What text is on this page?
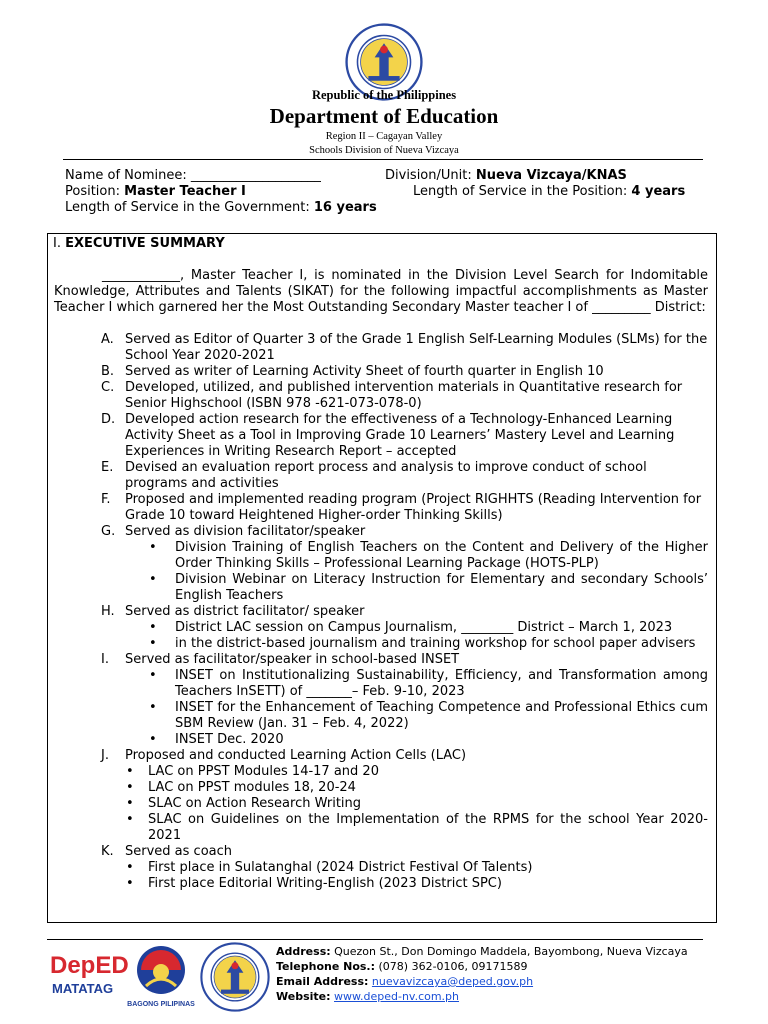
Republic of the Philippines
Department of Education
Region II – Cagayan Valley
Schools Division of Nueva Vizcaya
Name of Nominee: ____________________	Division/Unit: Nueva Vizcaya/KNAS
Position: Master Teacher I	Length of Service in the Position: 4 years
Length of Service in the Government: 16 years
I. EXECUTIVE SUMMARY

____________, Master Teacher I, is nominated in the Division Level Search for Indomitable Knowledge, Attributes and Talents (SIKAT) for the following impactful accomplishments as Master Teacher I which garnered her the Most Outstanding Secondary Master teacher I of _________ District:

A. Served as Editor of Quarter 3 of the Grade 1 English Self-Learning Modules (SLMs) for the School Year 2020-2021
B. Served as writer of Learning Activity Sheet of fourth quarter in English 10
C. Developed, utilized, and published intervention materials in Quantitative research for Senior Highschool (ISBN 978 -621-073-078-0)
D. Developed action research for the effectiveness of a Technology-Enhanced Learning Activity Sheet as a Tool in Improving Grade 10 Learners’ Mastery Level and Learning Experiences in Writing Research Report – accepted
E. Devised an evaluation report process and analysis to improve conduct of school programs and activities
F. Proposed and implemented reading program (Project RIGHHTS (Reading Intervention for Grade 10 toward Heightened Higher-order Thinking Skills)
G. Served as division facilitator/speaker
• Division Training of English Teachers on the Content and Delivery of the Higher Order Thinking Skills – Professional Learning Package (HOTS-PLP)
• Division Webinar on Literacy Instruction for Elementary and secondary Schools’ English Teachers
H. Served as district facilitator/ speaker
• District LAC session on Campus Journalism, ________ District – March 1, 2023
• in the district-based journalism and training workshop for school paper advisers
I. Served as facilitator/speaker in school-based INSET
• INSET on Institutionalizing Sustainability, Efficiency, and Transformation among Teachers InSETT) of _______– Feb. 9-10, 2023
• INSET for the Enhancement of Teaching Competence and Professional Ethics cum SBM Review (Jan. 31 – Feb. 4, 2022)
• INSET Dec. 2020
J. Proposed and conducted Learning Action Cells (LAC)
• LAC on PPST Modules 14-17 and 20
• LAC on PPST modules 18, 20-24
• SLAC on Action Research Writing
• SLAC on Guidelines on the Implementation of the RPMS for the school Year 2020-2021
K. Served as coach
• First place in Sulatanghal (2024 District Festival Of Talents)
• First place Editorial Writing-English (2023 District SPC)
DepED
MATATAG
BAGONG PILIPINAS
Address: Quezon St., Don Domingo Maddela, Bayombong, Nueva Vizcaya
Telephone Nos.: (078) 362-0106, 09171589
Email Address: nuevavizcaya@deped.gov.ph
Website: www.deped-nv.com.ph
